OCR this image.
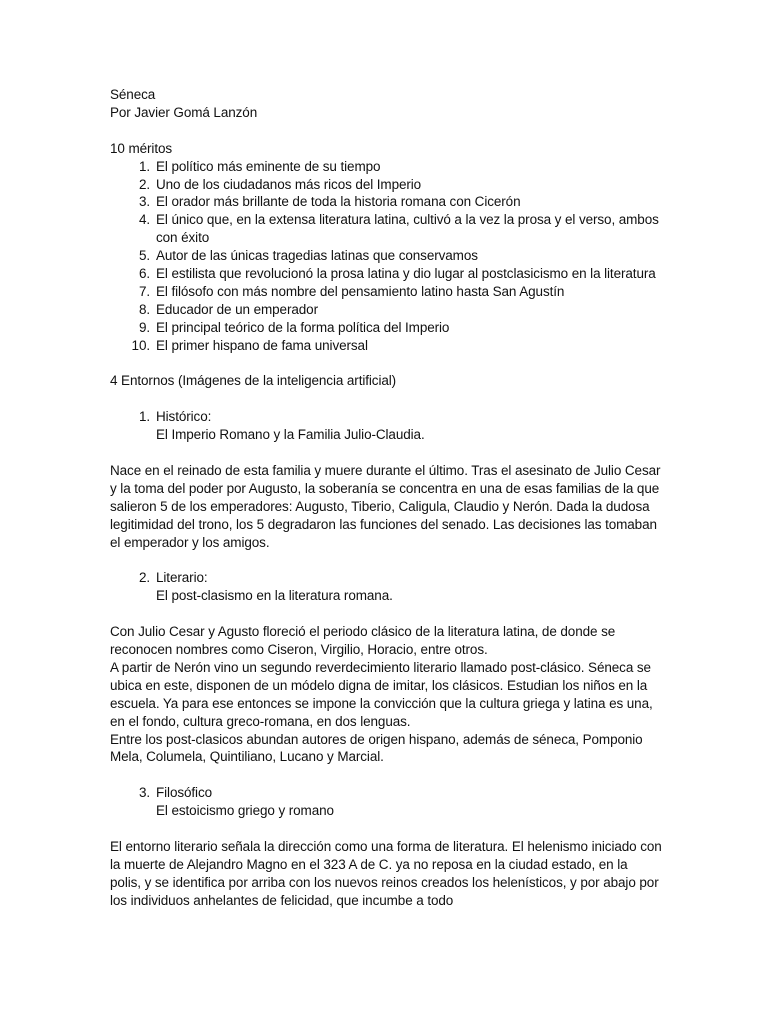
Séneca

Por Javier Gomá Lanzón

10 méritos

1. El político más eminente de su tiempo
2. Uno de los ciudadanos más ricos del Imperio
3. El orador más brillante de toda la historia romana con Cicerón
4. El único que, en la extensa literatura latina, cultivó a la vez la prosa y el verso, ambos con éxito
5. Autor de las únicas tragedias latinas que conservamos
6. El estilista que revolucionó la prosa latina y dio lugar al postclasicismo en la literatura
7. El filósofo con más nombre del pensamiento latino hasta San Agustín
8. Educador de un emperador
9. El principal teórico de la forma política del Imperio
10. El primer hispano de fama universal

4 Entornos (Imágenes de la inteligencia artificial)

1. Histórico:

El Imperio Romano y la Familia Julio-Claudia.

Nace en el reinado de esta familia y muere durante el último. Tras el asesinato de Julio Cesar y la toma del poder por Augusto, la soberanía se concentra en una de esas familias de la que salieron 5 de los emperadores: Augusto, Tiberio, Caligula, Claudio y Nerón. Dada la dudosa legitimidad del trono, los 5 degradaron las funciones del senado. Las decisiones las tomaban el emperador y los amigos.

2. Literario:

El post-clasismo en la literatura romana.

Con Julio Cesar y Agusto floreció el periodo clásico de la literatura latina, de donde se reconocen nombres como Ciseron, Virgilio, Horacio, entre otros.

A partir de Nerón vino un segundo reverdecimiento literario llamado post-clásico. Séneca se ubica en este, disponen de un módelo digna de imitar, los clásicos. Estudian los niños en la escuela. Ya para ese entonces se impone la convicción que la cultura griega y latina es una, en el fondo, cultura greco-romana, en dos lenguas.

Entre los post-clasicos abundan autores de origen hispano, además de séneca, Pomponio Mela, Columela, Quintiliano, Lucano y Marcial.

3. Filosófico

El estoicismo griego y romano

El entorno literario señala la dirección como una forma de literatura. El helenismo iniciado con la muerte de Alejandro Magno en el 323 A de C. ya no reposa en la ciudad estado, en la polis, y se identifica por arriba con los nuevos reinos creados los helenísticos, y por abajo por los individuos anhelantes de felicidad, que incumbe a todo
